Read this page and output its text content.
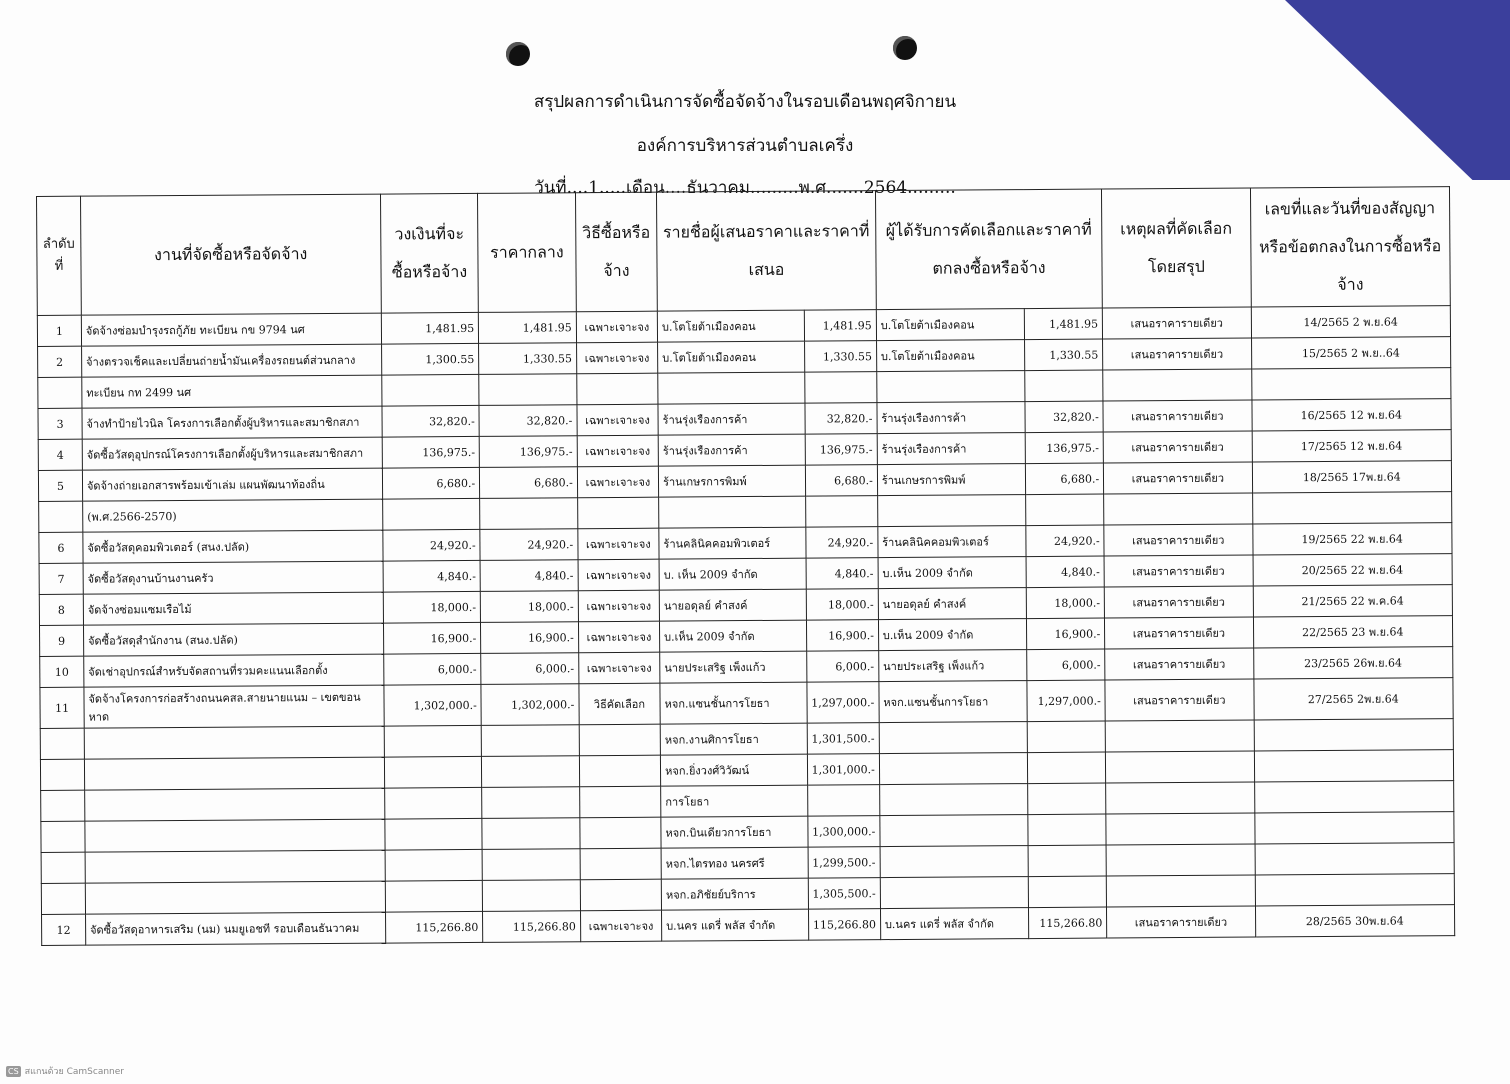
สรุปผลการดำเนินการจัดซื้อจัดจ้างในรอบเดือนพฤศจิกายน
องค์การบริหารส่วนตำบลเครึ่ง
วันที่....1.....เดือน....ธันวาคม.........พ.ศ.......2564.........
ลำดับที่	งานที่จัดซื้อหรือจัดจ้าง	วงเงินที่จะซื้อหรือจ้าง	ราคากลาง	วิธีซื้อหรือจ้าง	รายชื่อผู้เสนอราคาและราคาที่เสนอ		ผู้ได้รับการคัดเลือกและราคาที่ตกลงซื้อหรือจ้าง		เหตุผลที่คัดเลือกโดยสรุป	เลขที่และวันที่ของสัญญาหรือข้อตกลงในการซื้อหรือจ้าง
1	จัดจ้างซ่อมบำรุงรถกู้ภัย ทะเบียน กข 9794 นศ	1,481.95	1,481.95	เฉพาะเจาะจง	บ.โตโยต้าเมืองคอน	1,481.95	บ.โตโยต้าเมืองคอน	1,481.95	เสนอราคารายเดียว	14/2565 2 พ.ย.64
2	จ้างตรวจเช็คและเปลี่ยนถ่ายน้ำมันเครื่องรถยนต์ส่วนกลาง	1,300.55	1,330.55	เฉพาะเจาะจง	บ.โตโยต้าเมืองคอน	1,330.55	บ.โตโยต้าเมืองคอน	1,330.55	เสนอราคารายเดียว	15/2565 2 พ.ย..64
	ทะเบียน กท 2499 นศ									
3	จ้างทำป้ายไวนิล โครงการเลือกตั้งผู้บริหารและสมาชิกสภา	32,820.-	32,820.-	เฉพาะเจาะจง	ร้านรุ่งเรืองการค้า	32,820.-	ร้านรุ่งเรืองการค้า	32,820.-	เสนอราคารายเดียว	16/2565 12 พ.ย.64
4	จัดซื้อวัสดุอุปกรณ์โครงการเลือกตั้งผู้บริหารและสมาชิกสภา	136,975.-	136,975.-	เฉพาะเจาะจง	ร้านรุ่งเรืองการค้า	136,975.-	ร้านรุ่งเรืองการค้า	136,975.-	เสนอราคารายเดียว	17/2565 12 พ.ย.64
5	จัดจ้างถ่ายเอกสารพร้อมเข้าเล่ม แผนพัฒนาท้องถิ่น	6,680.-	6,680.-	เฉพาะเจาะจง	ร้านเกษรการพิมพ์	6,680.-	ร้านเกษรการพิมพ์	6,680.-	เสนอราคารายเดียว	18/2565 17พ.ย.64
	(พ.ศ.2566-2570)									
6	จัดซื้อวัสดุคอมพิวเตอร์ (สนง.ปลัด)	24,920.-	24,920.-	เฉพาะเจาะจง	ร้านคลินิคคอมพิวเตอร์	24,920.-	ร้านคลินิคคอมพิวเตอร์	24,920.-	เสนอราคารายเดียว	19/2565 22 พ.ย.64
7	จัดซื้อวัสดุงานบ้านงานครัว	4,840.-	4,840.-	เฉพาะเจาะจง	บ. เห็น 2009 จำกัด	4,840.-	บ.เห็น 2009 จำกัด	4,840.-	เสนอราคารายเดียว	20/2565 22 พ.ย.64
8	จัดจ้างซ่อมแซมเรือไม้	18,000.-	18,000.-	เฉพาะเจาะจง	นายอดุลย์ คำสงค์	18,000.-	นายอดุลย์ คำสงค์	18,000.-	เสนอราคารายเดียว	21/2565 22 พ.ค.64
9	จัดซื้อวัสดุสำนักงาน (สนง.ปลัด)	16,900.-	16,900.-	เฉพาะเจาะจง	บ.เห็น 2009 จำกัด	16,900.-	บ.เห็น 2009 จำกัด	16,900.-	เสนอราคารายเดียว	22/2565 23 พ.ย.64
10	จัดเช่าอุปกรณ์สำหรับจัดสถานที่รวมคะแนนเลือกตั้ง	6,000.-	6,000.-	เฉพาะเจาะจง	นายประเสริฐ เพ็งแก้ว	6,000.-	นายประเสริฐ เพ็งแก้ว	6,000.-	เสนอราคารายเดียว	23/2565 26พ.ย.64
11	จัดจ้างโครงการก่อสร้างถนนคสล.สายนายแนม – เขตขอนหาด	1,302,000.-	1,302,000.-	วิธีคัดเลือก	หจก.แซนชั้นการโยธา	1,297,000.-	หจก.แซนชั้นการโยธา	1,297,000.-	เสนอราคารายเดียว	27/2565 2พ.ย.64
					หจก.งานศิการโยธา	1,301,500.-				
					หจก.ยิ่งวงศ์วิวัฒน์	1,301,000.-				
					การโยธา					
					หจก.บินเดียวการโยธา	1,300,000.-				
					หจก.ไตรทอง นครศรี	1,299,500.-				
					หจก.อภิชัยย์บริการ	1,305,500.-				
12	จัดซื้อวัสดุอาหารเสริม (นม) นมยูเอชที รอบเดือนธันวาคม	115,266.80	115,266.80	เฉพาะเจาะจง	บ.นคร แดรี่ พลัส จำกัด	115,266.80	บ.นคร แดรี่ พลัส จำกัด	115,266.80	เสนอราคารายเดียว	28/2565 30พ.ย.64
CS สแกนด้วย CamScanner
